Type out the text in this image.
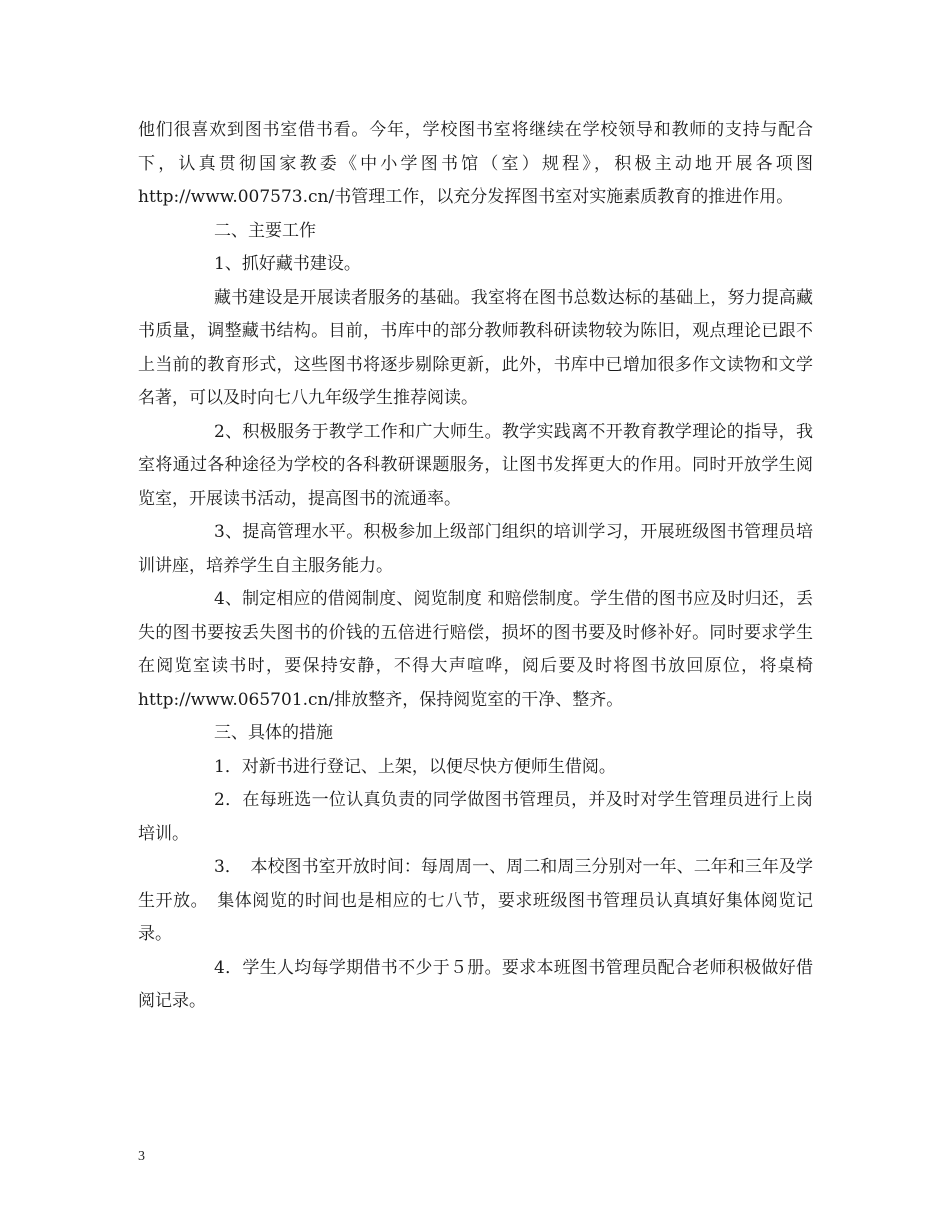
他们很喜欢到图书室借书看。今年，学校图书室将继续在学校领导和教师的支持与配合下，认真贯彻国家教委《中小学图书馆（室）规程》，积极主动地开展各项图http://www.007573.cn/书管理工作，以充分发挥图书室对实施素质教育的推进作用。

二、主要工作

1、抓好藏书建设。

藏书建设是开展读者服务的基础。我室将在图书总数达标的基础上，努力提高藏书质量，调整藏书结构。目前，书库中的部分教师教科研读物较为陈旧，观点理论已跟不上当前的教育形式，这些图书将逐步剔除更新，此外，书库中已增加很多作文读物和文学名著，可以及时向七八九年级学生推荐阅读。

2、积极服务于教学工作和广大师生。教学实践离不开教育教学理论的指导，我室将通过各种途径为学校的各科教研课题服务，让图书发挥更大的作用。同时开放学生阅览室，开展读书活动，提高图书的流通率。

3、提高管理水平。积极参加上级部门组织的培训学习，开展班级图书管理员培训讲座，培养学生自主服务能力。

4、制定相应的借阅制度、阅览制度 和赔偿制度。学生借的图书应及时归还，丢失的图书要按丢失图书的价钱的五倍进行赔偿，损坏的图书要及时修补好。同时要求学生在阅览室读书时，要保持安静，不得大声喧哗，阅后要及时将图书放回原位，将桌椅http://www.065701.cn/排放整齐，保持阅览室的干净、整齐。

三、具体的措施

1．对新书进行登记、上架，以便尽快方便师生借阅。

2．在每班选一位认真负责的同学做图书管理员，并及时对学生管理员进行上岗培训。

3．　本校图书室开放时间：每周周一、周二和周三分别对一年、二年和三年及学生开放。　集体阅览的时间也是相应的七八节，要求班级图书管理员认真填好集体阅览记录。

4．学生人均每学期借书不少于５册。要求本班图书管理员配合老师积极做好借阅记录。

3
